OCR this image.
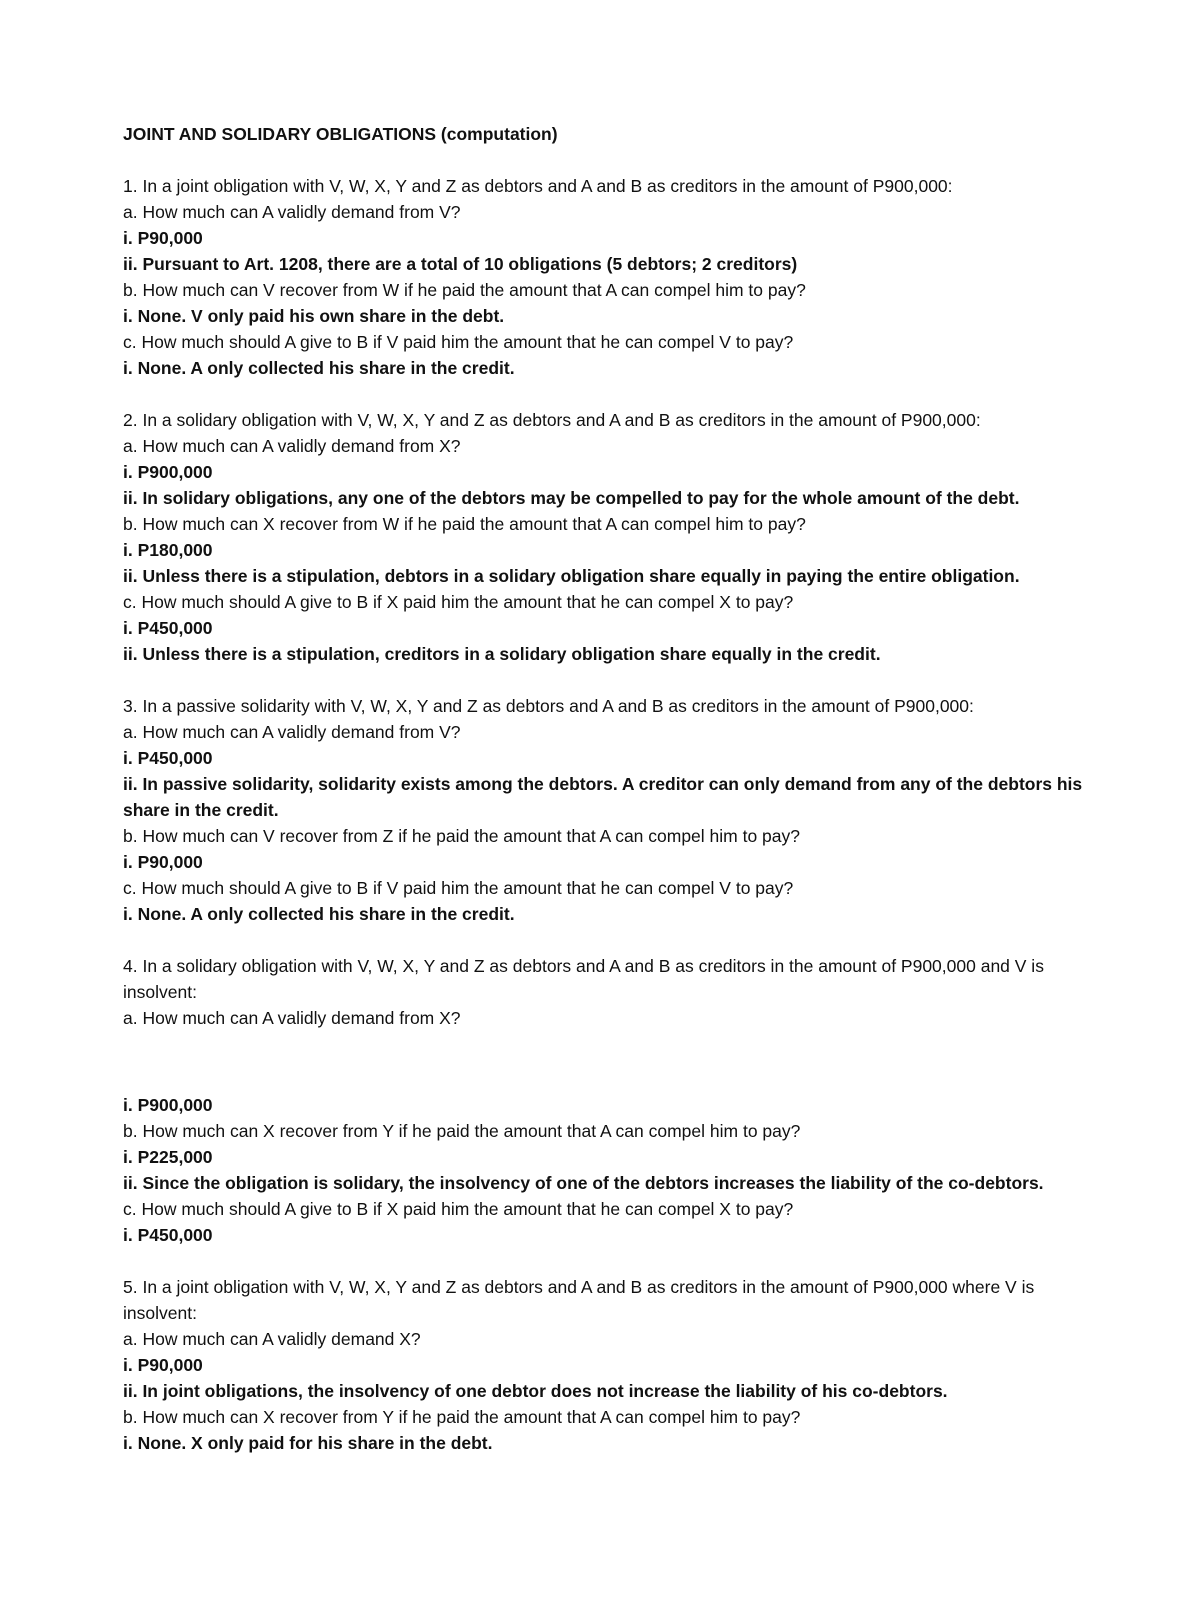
JOINT AND SOLIDARY OBLIGATIONS (computation)

1. In a joint obligation with V, W, X, Y and Z as debtors and A and B as creditors in the amount of P900,000:

a. How much can A validly demand from V?

i. P90,000

ii. Pursuant to Art. 1208, there are a total of 10 obligations (5 debtors; 2 creditors)

b. How much can V recover from W if he paid the amount that A can compel him to pay?

i. None. V only paid his own share in the debt.

c. How much should A give to B if V paid him the amount that he can compel V to pay?

i. None. A only collected his share in the credit.

2. In a solidary obligation with V, W, X, Y and Z as debtors and A and B as creditors in the amount of P900,000:

a. How much can A validly demand from X?

i. P900,000

ii. In solidary obligations, any one of the debtors may be compelled to pay for the whole amount of the debt.

b. How much can X recover from W if he paid the amount that A can compel him to pay?

i. P180,000

ii. Unless there is a stipulation, debtors in a solidary obligation share equally in paying the entire obligation.

c. How much should A give to B if X paid him the amount that he can compel X to pay?

i. P450,000

ii. Unless there is a stipulation, creditors in a solidary obligation share equally in the credit.

3. In a passive solidarity with V, W, X, Y and Z as debtors and A and B as creditors in the amount of P900,000:

a. How much can A validly demand from V?

i. P450,000

ii. In passive solidarity, solidarity exists among the debtors. A creditor can only demand from any of the debtors his share in the credit.

b. How much can V recover from Z if he paid the amount that A can compel him to pay?

i. P90,000

c. How much should A give to B if V paid him the amount that he can compel V to pay?

i. None. A only collected his share in the credit.

4. In a solidary obligation with V, W, X, Y and Z as debtors and A and B as creditors in the amount of P900,000 and V is insolvent:

a. How much can A validly demand from X?

i. P900,000

b. How much can X recover from Y if he paid the amount that A can compel him to pay?

i. P225,000

ii. Since the obligation is solidary, the insolvency of one of the debtors increases the liability of the co-debtors.

c. How much should A give to B if X paid him the amount that he can compel X to pay?

i. P450,000

5. In a joint obligation with V, W, X, Y and Z as debtors and A and B as creditors in the amount of P900,000 where V is insolvent:

a. How much can A validly demand X?

i. P90,000

ii. In joint obligations, the insolvency of one debtor does not increase the liability of his co-debtors.

b. How much can X recover from Y if he paid the amount that A can compel him to pay?

i. None. X only paid for his share in the debt.
